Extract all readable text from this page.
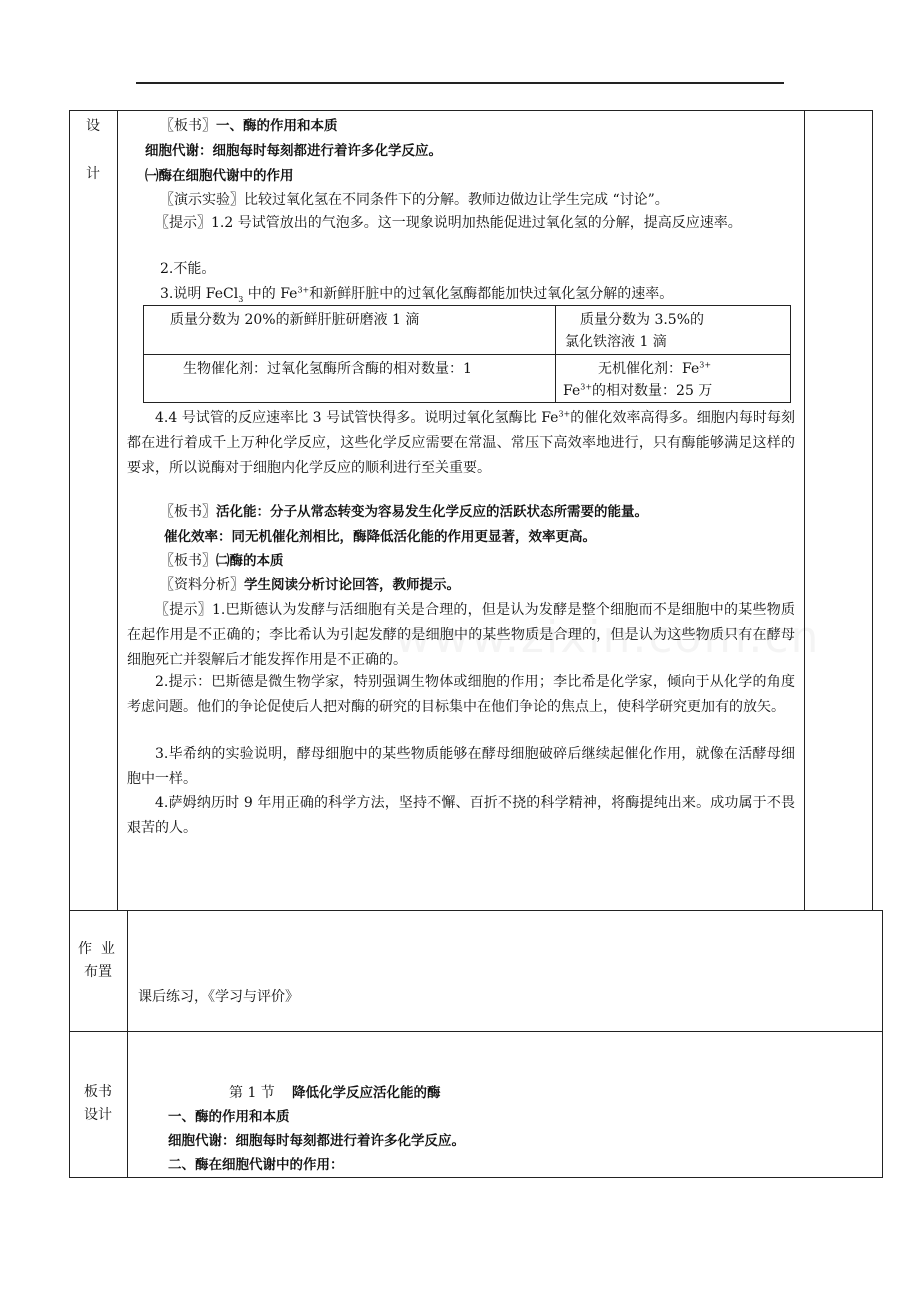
设
计
作  业
布置
板书
设计
〖板书〗一、酶的作用和本质
细胞代谢：细胞每时每刻都进行着许多化学反应。
㈠酶在细胞代谢中的作用
〖演示实验〗比较过氧化氢在不同条件下的分解。教师边做边让学生完成 “讨论”。
〖提示〗1.2 号试管放出的气泡多。这一现象说明加热能促进过氧化氢的分解，提高反应速率。
2.不能。
3.说明 FeCl$_3$ 中的 $Fe^{3+}$和新鲜肝脏中的过氧化氢酶都能加快过氧化氢分解的速率。
质量分数为 20%的新鲜肝脏研磨液 1 滴	质量分数为 3.5%的
氯化铁溶液 1 滴
生物催化剂：过氧化氢酶所含酶的相对数量：1	无机催化剂：$Fe^{3+}$
$Fe^{3+}$的相对数量：25 万
4.4 号试管的反应速率比 3 号试管快得多。说明过氧化氢酶比 $Fe^{3+}$的催化效率高得多。细胞内每时每刻都在进行着成千上万种化学反应，这些化学反应需要在常温、常压下高效率地进行，只有酶能够满足这样的要求，所以说酶对于细胞内化学反应的顺利进行至关重要。
〖板书〗活化能：分子从常态转变为容易发生化学反应的活跃状态所需要的能量。
催化效率：同无机催化剂相比，酶降低活化能的作用更显著，效率更高。
〖板书〗㈡酶的本质
〖资料分析〗学生阅读分析讨论回答，教师提示。
〖提示〗1.巴斯德认为发酵与活细胞有关是合理的，但是认为发酵是整个细胞而不是细胞中的某些物质在起作用是不正确的；李比希认为引起发酵的是细胞中的某些物质是合理的，但是认为这些物质只有在酵母细胞死亡并裂解后才能发挥作用是不正确的。
2.提示：巴斯德是微生物学家，特别强调生物体或细胞的作用；李比希是化学家，倾向于从化学的角度考虑问题。他们的争论促使后人把对酶的研究的目标集中在他们争论的焦点上，使科学研究更加有的放矢。
3.毕希纳的实验说明，酵母细胞中的某些物质能够在酵母细胞破碎后继续起催化作用，就像在活酵母细胞中一样。
4.萨姆纳历时 9 年用正确的科学方法，坚持不懈、百折不挠的科学精神，将酶提纯出来。成功属于不畏艰苦的人。
课后练习，《学习与评价》
第 1 节 降低化学反应活化能的酶
一、酶的作用和本质
细胞代谢：细胞每时每刻都进行着许多化学反应。
二、酶在细胞代谢中的作用：
